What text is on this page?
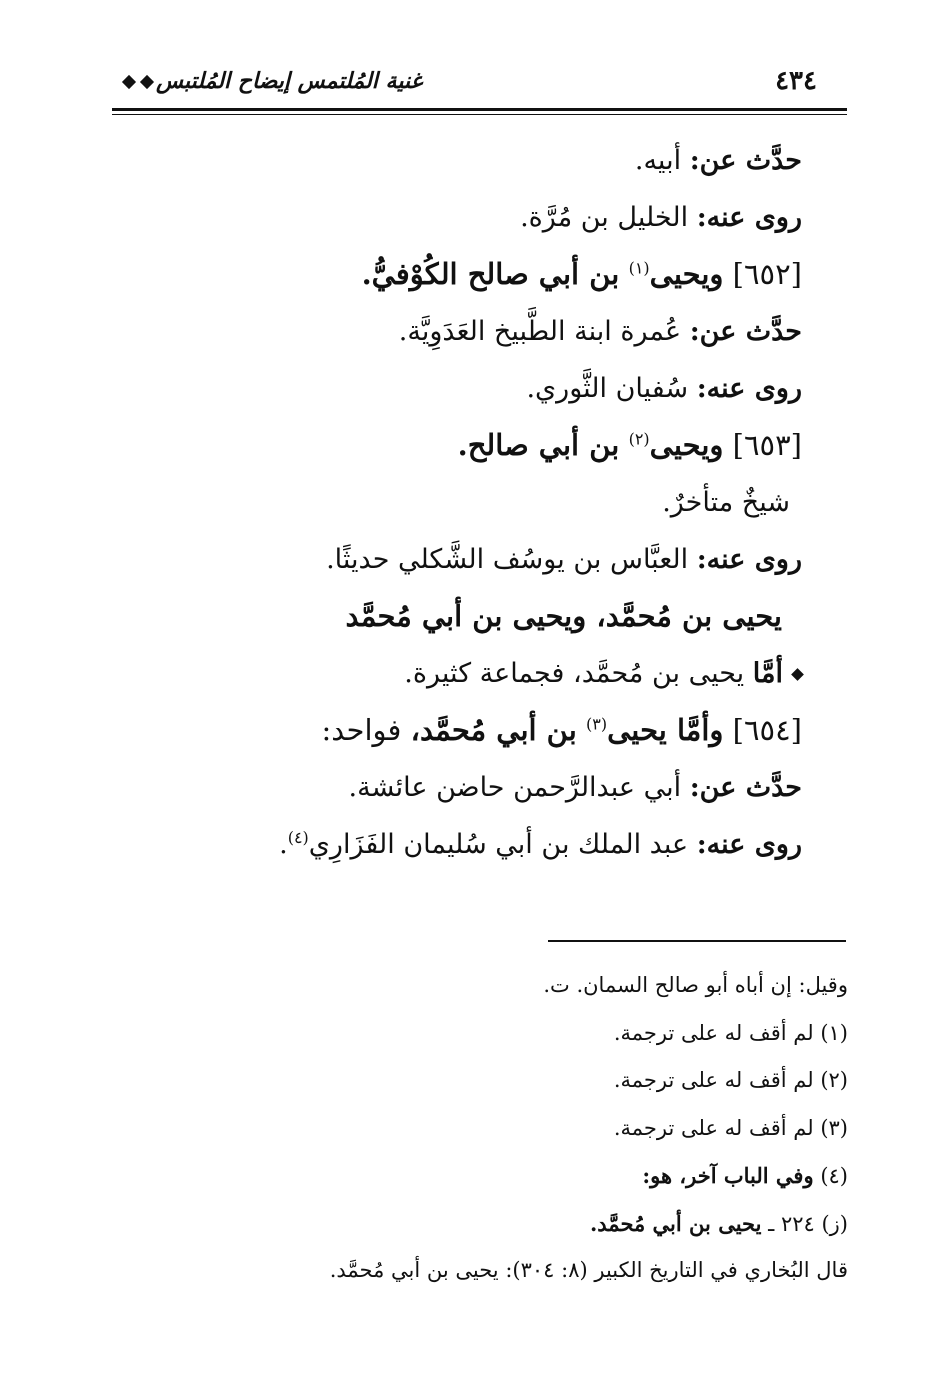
غنية المُلتمس إيضاح المُلتبس	٤٣٤
حدَّث عن: أبيه.
روى عنه: الخليل بن مُرَّة.
[٦٥٢] ويحيى$^{(١)}$ بن أبي صالح الكُوْفيُّ.
حدَّث عن: عُمرة ابنة الطَّبيخ العَدَوِيَّة.
روى عنه: سُفيان الثَّوري.
[٦٥٣] ويحيى$^{(٢)}$ بن أبي صالح.
شيخٌ متأخرٌ.
روى عنه: العبَّاس بن يوسُف الشَّكلي حديثًا.
يحيى بن مُحمَّد، ويحيى بن أبي مُحمَّد
أمَّا يحيى بن مُحمَّد، فجماعة كثيرة.
[٦٥٤] وأمَّا يحيى$^{(٣)}$ بن أبي مُحمَّد، فواحد:
حدَّث عن: أبي عبدالرَّحمن حاضن عائشة.
روى عنه: عبد الملك بن أبي سُليمان الفَزَارِي$^{(٤)}$.
وقيل: إن أباه أبو صالح السمان. ت.
(١) لم أقف له على ترجمة.
(٢) لم أقف له على ترجمة.
(٣) لم أقف له على ترجمة.
(٤) وفي الباب آخر، هو:
(ز) ٢٢٤ ـ يحيى بن أبي مُحمَّد.
قال البُخاري في التاريخ الكبير (٨: ٣٠٤): يحيى بن أبي مُحمَّد.
